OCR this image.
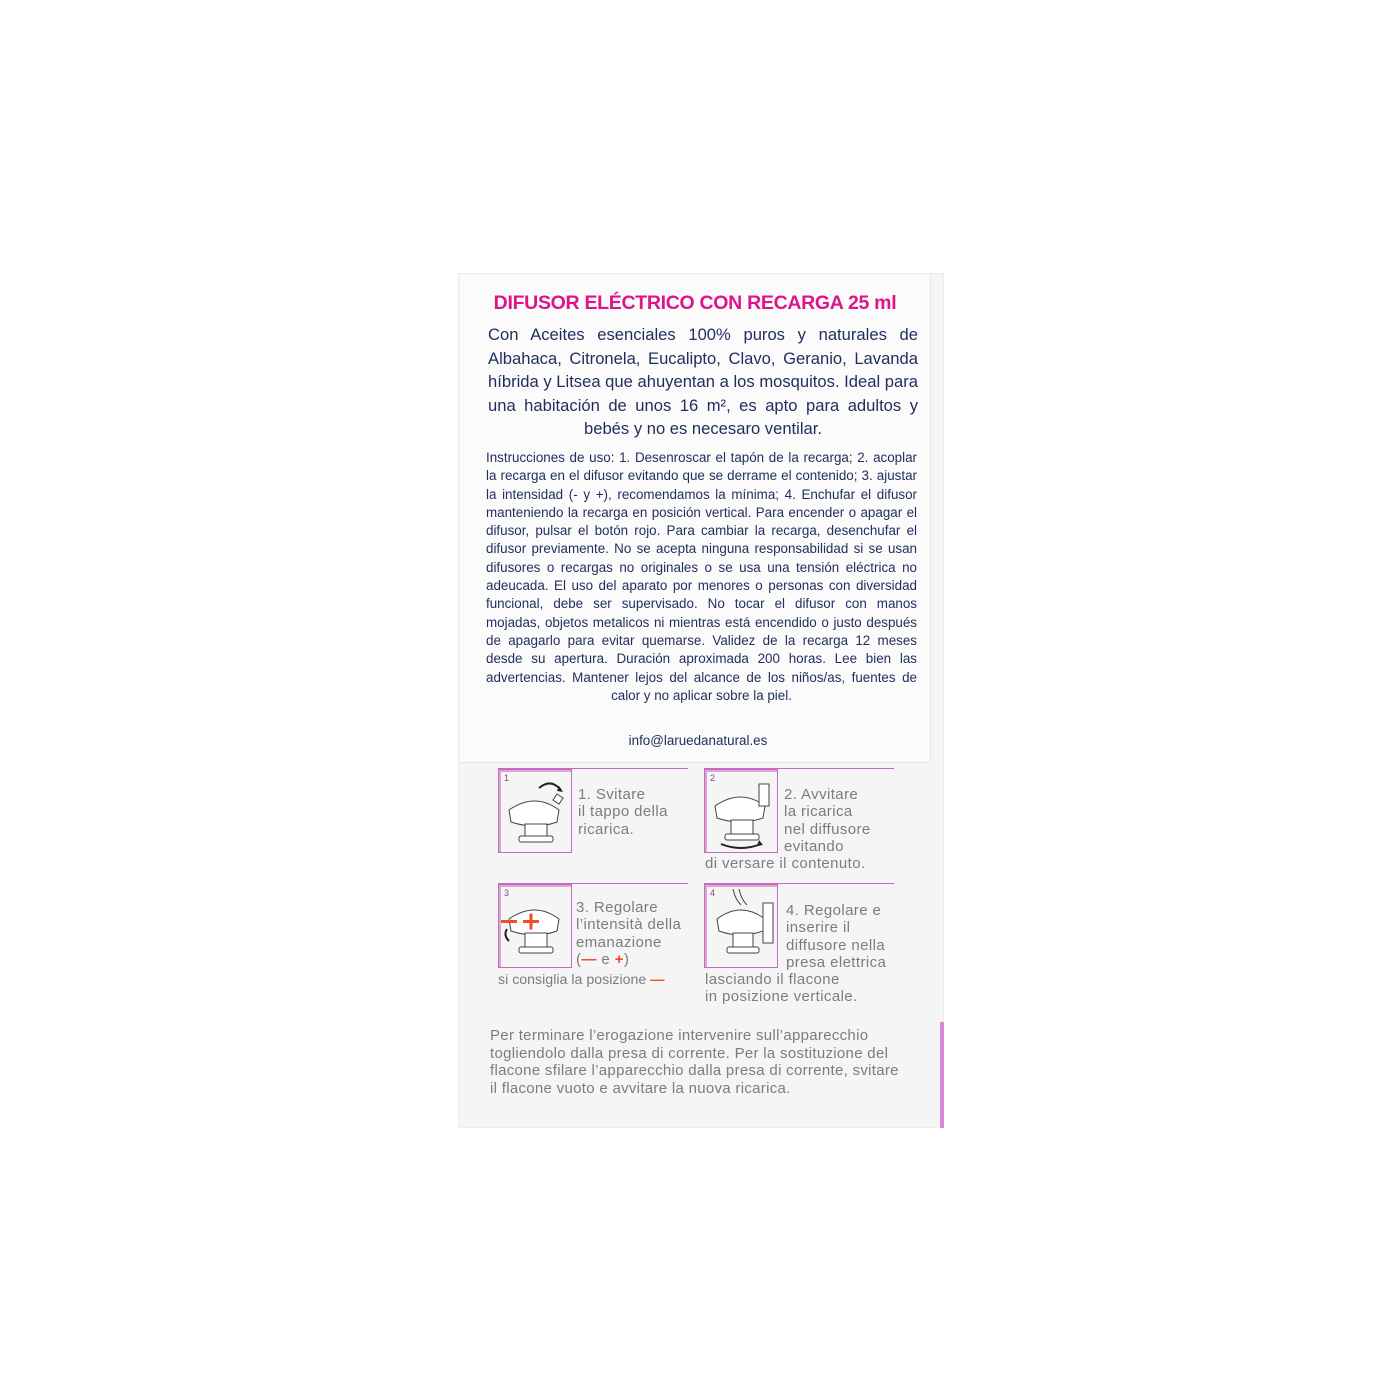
DIFUSOR ELÉCTRICO CON RECARGA 25 ml
Con Aceites esenciales 100% puros y naturales de Albahaca, Citronela, Eucalipto, Clavo, Geranio, Lavanda híbrida y Litsea que ahuyentan a los mosquitos. Ideal para una habitación de unos 16 m², es apto para adultos y bebés y no es necesaro ventilar.
Instrucciones de uso: 1. Desenroscar el tapón de la recarga; 2. acoplar la recarga en el difusor evitando que se derrame el contenido; 3. ajustar la intensidad (- y +), recomendamos la mínima; 4. Enchufar el difusor manteniendo la recarga en posición vertical. Para encender o apagar el difusor, pulsar el botón rojo. Para cambiar la recarga, desenchufar el difusor previamente. No se acepta ninguna responsabilidad si se usan difusores o recargas no originales o se usa una tensión eléctrica no adeucada. El uso del aparato por menores o personas con diversidad funcional, debe ser supervisado. No tocar el difusor con manos mojadas, objetos metalicos ni mientras está encendido o justo después de apagarlo para evitar quemarse. Validez de la recarga 12 meses desde su apertura. Duración aproximada 200 horas. Lee bien las advertencias. Mantener lejos del alcance de los niños/as, fuentes de calor y no aplicar sobre la piel.
info@laruedanatural.es
1
1. Svitare
il tappo della
ricarica.
2
2. Avvitare
la ricarica
nel diffusore
evitando
di versare il contenuto.
3
3. Regolare
l’intensità della
emanazione
(— e +)
si consiglia la posizione —
4
4. Regolare e
inserire il
diffusore nella
presa elettrica
lasciando il flacone
in posizione verticale.
Per terminare l’erogazione intervenire sull’apparecchio togliendolo dalla presa di corrente. Per la sostituzione del flacone sfilare l’apparecchio dalla presa di corrente, svitare il flacone vuoto e avvitare la nuova ricarica.
